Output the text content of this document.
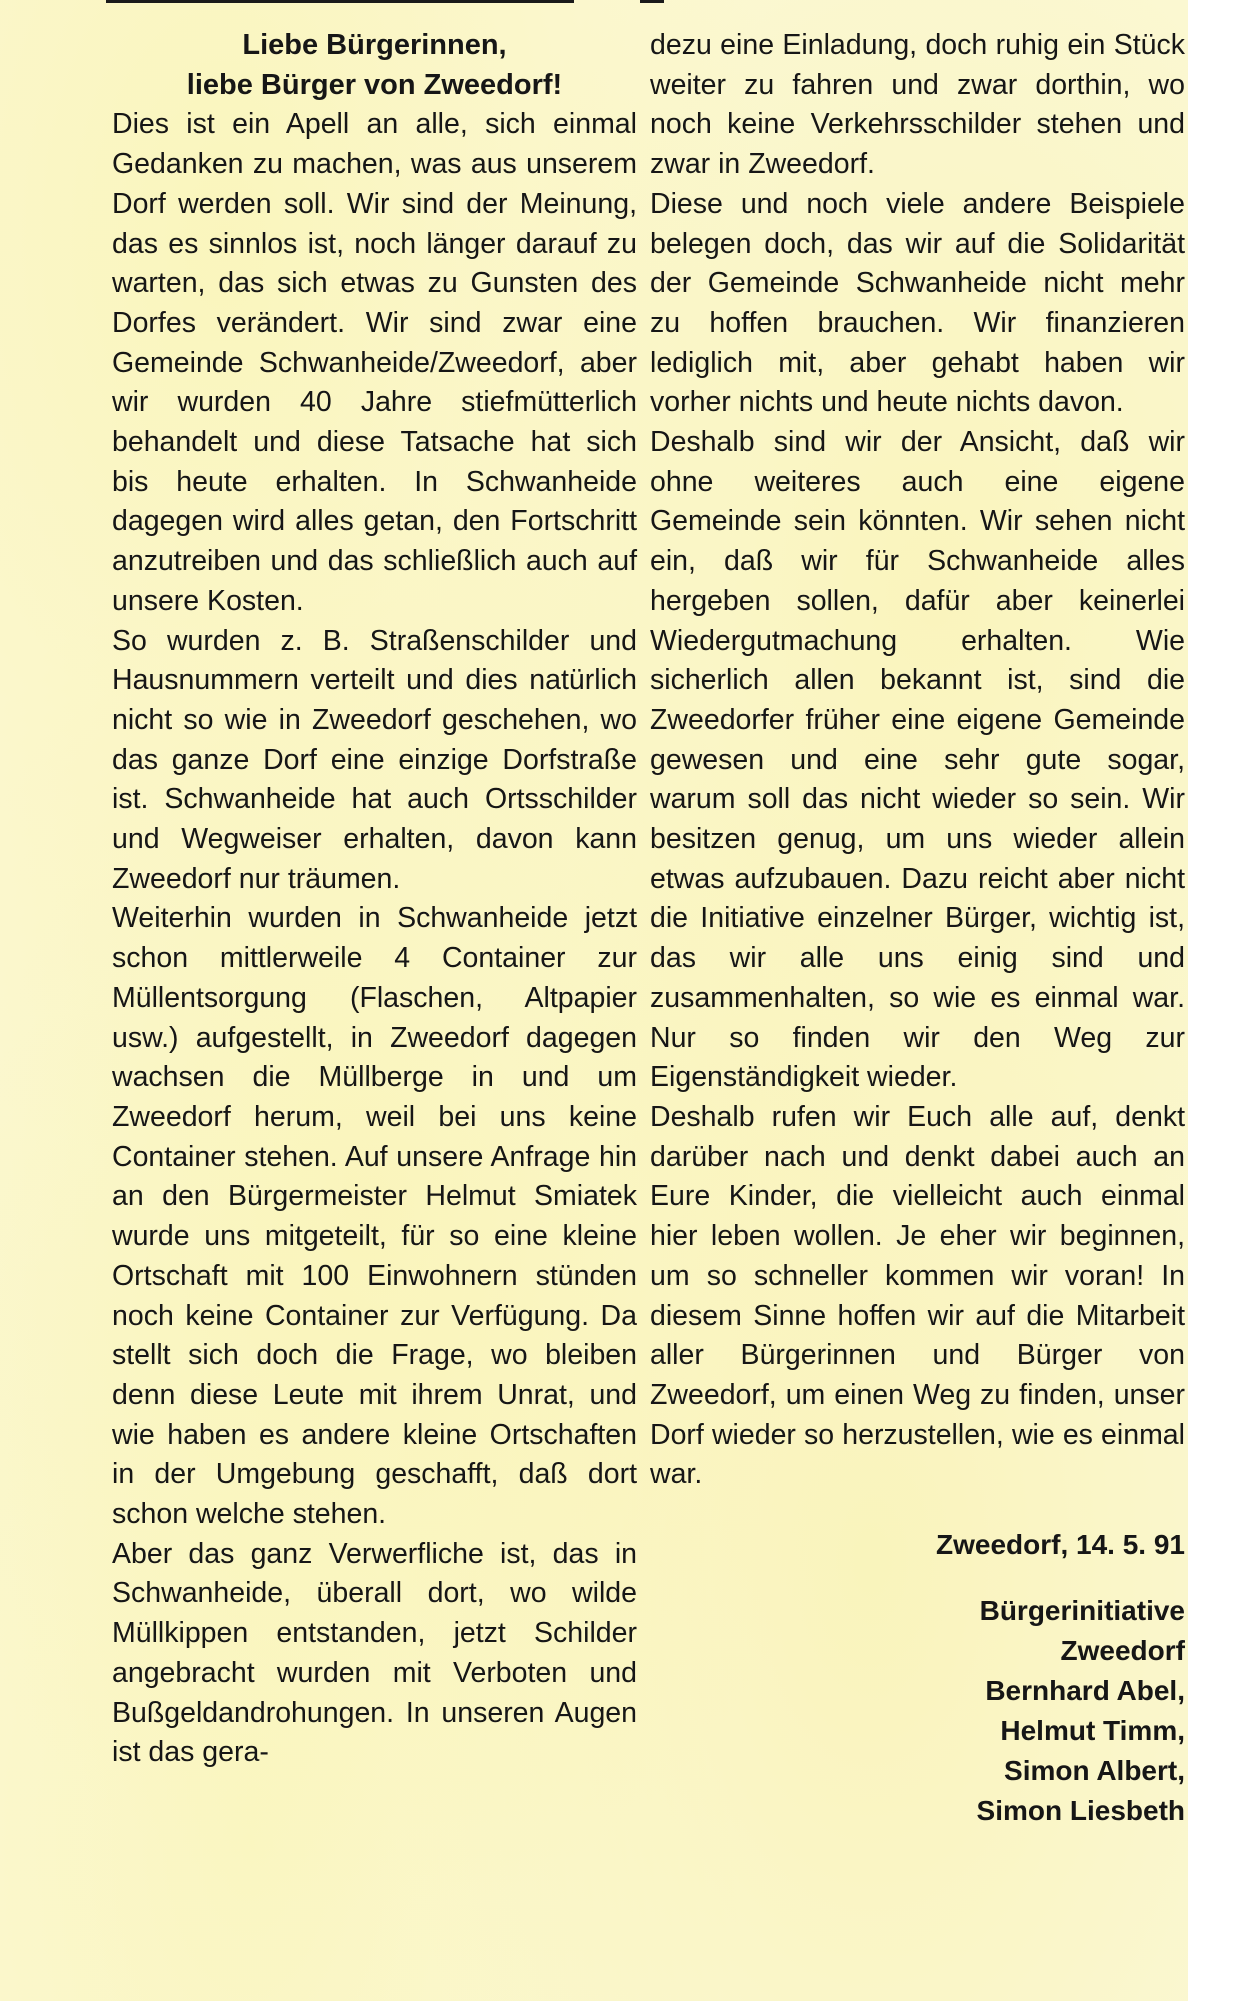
Liebe Bürgerinnen,
liebe Bürger von Zweedorf!

Dies ist ein Apell an alle, sich einmal Gedanken zu machen, was aus unserem Dorf werden soll. Wir sind der Meinung, das es sinnlos ist, noch länger darauf zu warten, das sich etwas zu Gunsten des Dorfes verändert. Wir sind zwar eine Gemeinde Schwanheide/Zweedorf, aber wir wurden 40 Jahre stiefmütterlich behandelt und diese Tatsache hat sich bis heute erhalten. In Schwanheide dagegen wird alles getan, den Fortschritt anzutreiben und das schließlich auch auf unsere Kosten.

So wurden z. B. Straßenschilder und Hausnummern verteilt und dies natürlich nicht so wie in Zweedorf geschehen, wo das ganze Dorf eine einzige Dorfstraße ist. Schwanheide hat auch Ortsschilder und Wegweiser erhalten, davon kann Zweedorf nur träumen.

Weiterhin wurden in Schwanheide jetzt schon mittlerweile 4 Container zur Müllentsorgung (Flaschen, Altpapier usw.) aufgestellt, in Zweedorf dagegen wachsen die Müllberge in und um Zweedorf herum, weil bei uns keine Container stehen. Auf unsere Anfrage hin an den Bürgermeister Helmut Smiatek wurde uns mitgeteilt, für so eine kleine Ortschaft mit 100 Einwohnern stünden noch keine Container zur Verfügung. Da stellt sich doch die Frage, wo bleiben denn diese Leute mit ihrem Unrat, und wie haben es andere kleine Ortschaften in der Umgebung geschafft, daß dort schon welche stehen.

Aber das ganz Verwerfliche ist, das in Schwanheide, überall dort, wo wilde Müllkippen entstanden, jetzt Schilder angebracht wurden mit Verboten und Bußgeldandrohungen. In unseren Augen ist das gera-

dezu eine Einladung, doch ruhig ein Stück weiter zu fahren und zwar dorthin, wo noch keine Verkehrsschilder stehen und zwar in Zweedorf.

Diese und noch viele andere Beispiele belegen doch, das wir auf die Solidarität der Gemeinde Schwanheide nicht mehr zu hoffen brauchen. Wir finanzieren lediglich mit, aber gehabt haben wir vorher nichts und heute nichts davon.

Deshalb sind wir der Ansicht, daß wir ohne weiteres auch eine eigene Gemeinde sein könnten. Wir sehen nicht ein, daß wir für Schwanheide alles hergeben sollen, dafür aber keinerlei Wiedergutmachung erhalten. Wie sicherlich allen bekannt ist, sind die Zweedorfer früher eine eigene Gemeinde gewesen und eine sehr gute sogar, warum soll das nicht wieder so sein. Wir besitzen genug, um uns wieder allein etwas aufzubauen. Dazu reicht aber nicht die Initiative einzelner Bürger, wichtig ist, das wir alle uns einig sind und zusammenhalten, so wie es einmal war. Nur so finden wir den Weg zur Eigenständigkeit wieder.

Deshalb rufen wir Euch alle auf, denkt darüber nach und denkt dabei auch an Eure Kinder, die vielleicht auch einmal hier leben wollen. Je eher wir beginnen, um so schneller kommen wir voran! In diesem Sinne hoffen wir auf die Mitarbeit aller Bürgerinnen und Bürger von Zweedorf, um einen Weg zu finden, unser Dorf wieder so herzustellen, wie es einmal war.

Zweedorf, 14. 5. 91
Bürgerinitiative
Zweedorf
Bernhard Abel,
Helmut Timm,
Simon Albert,
Simon Liesbeth
